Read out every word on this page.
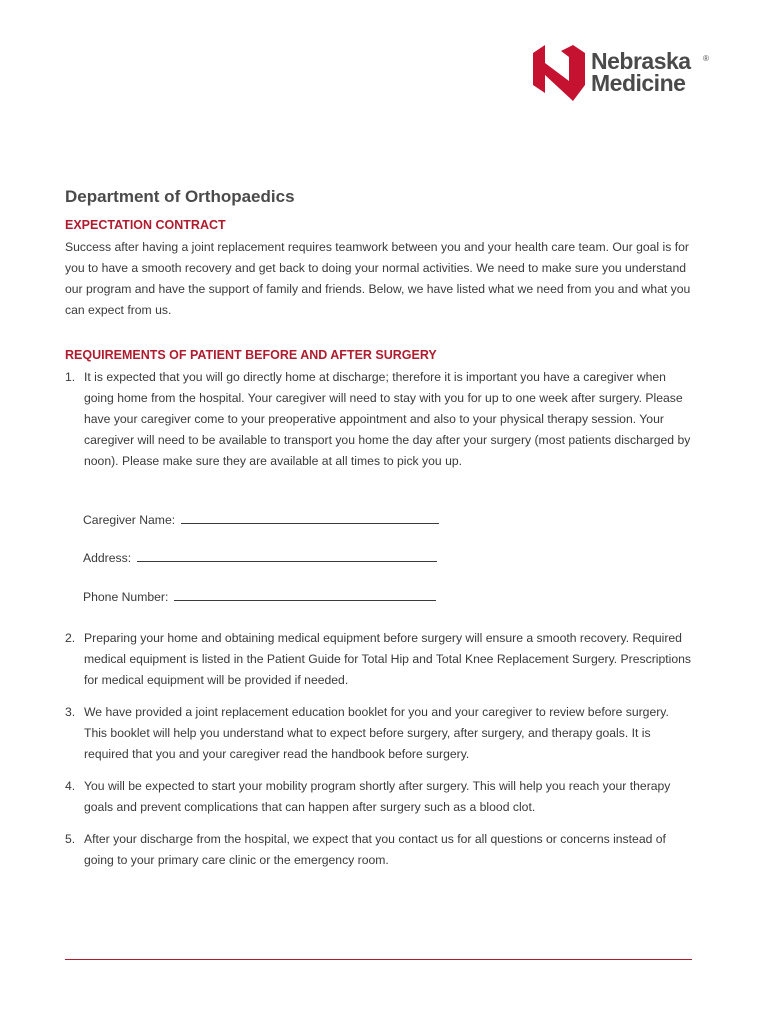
Nebraska
Medicine
®
Department of Orthopaedics
EXPECTATION CONTRACT

Success after having a joint replacement requires teamwork between you and your health care team. Our goal is for you to have a smooth recovery and get back to doing your normal activities. We need to make sure you understand our program and have the support of family and friends. Below, we have listed what we need from you and what you can expect from us.

REQUIREMENTS OF PATIENT BEFORE AND AFTER SURGERY
1. It is expected that you will go directly home at discharge; therefore it is important you have a caregiver when going home from the hospital. Your caregiver will need to stay with you for up to one week after surgery. Please have your caregiver come to your preoperative appointment and also to your physical therapy session. Your caregiver will need to be available to transport you home the day after your surgery (most patients discharged by noon). Please make sure they are available at all times to pick you up.
Caregiver Name:
Address:
Phone Number:
2. Preparing your home and obtaining medical equipment before surgery will ensure a smooth recovery. Required medical equipment is listed in the Patient Guide for Total Hip and Total Knee Replacement Surgery. Prescriptions for medical equipment will be provided if needed.
3. We have provided a joint replacement education booklet for you and your caregiver to review before surgery. This booklet will help you understand what to expect before surgery, after surgery, and therapy goals. It is required that you and your caregiver read the handbook before surgery.
4. You will be expected to start your mobility program shortly after surgery. This will help you reach your therapy goals and prevent complications that can happen after surgery such as a blood clot.
5. After your discharge from the hospital, we expect that you contact us for all questions or concerns instead of going to your primary care clinic or the emergency room.
